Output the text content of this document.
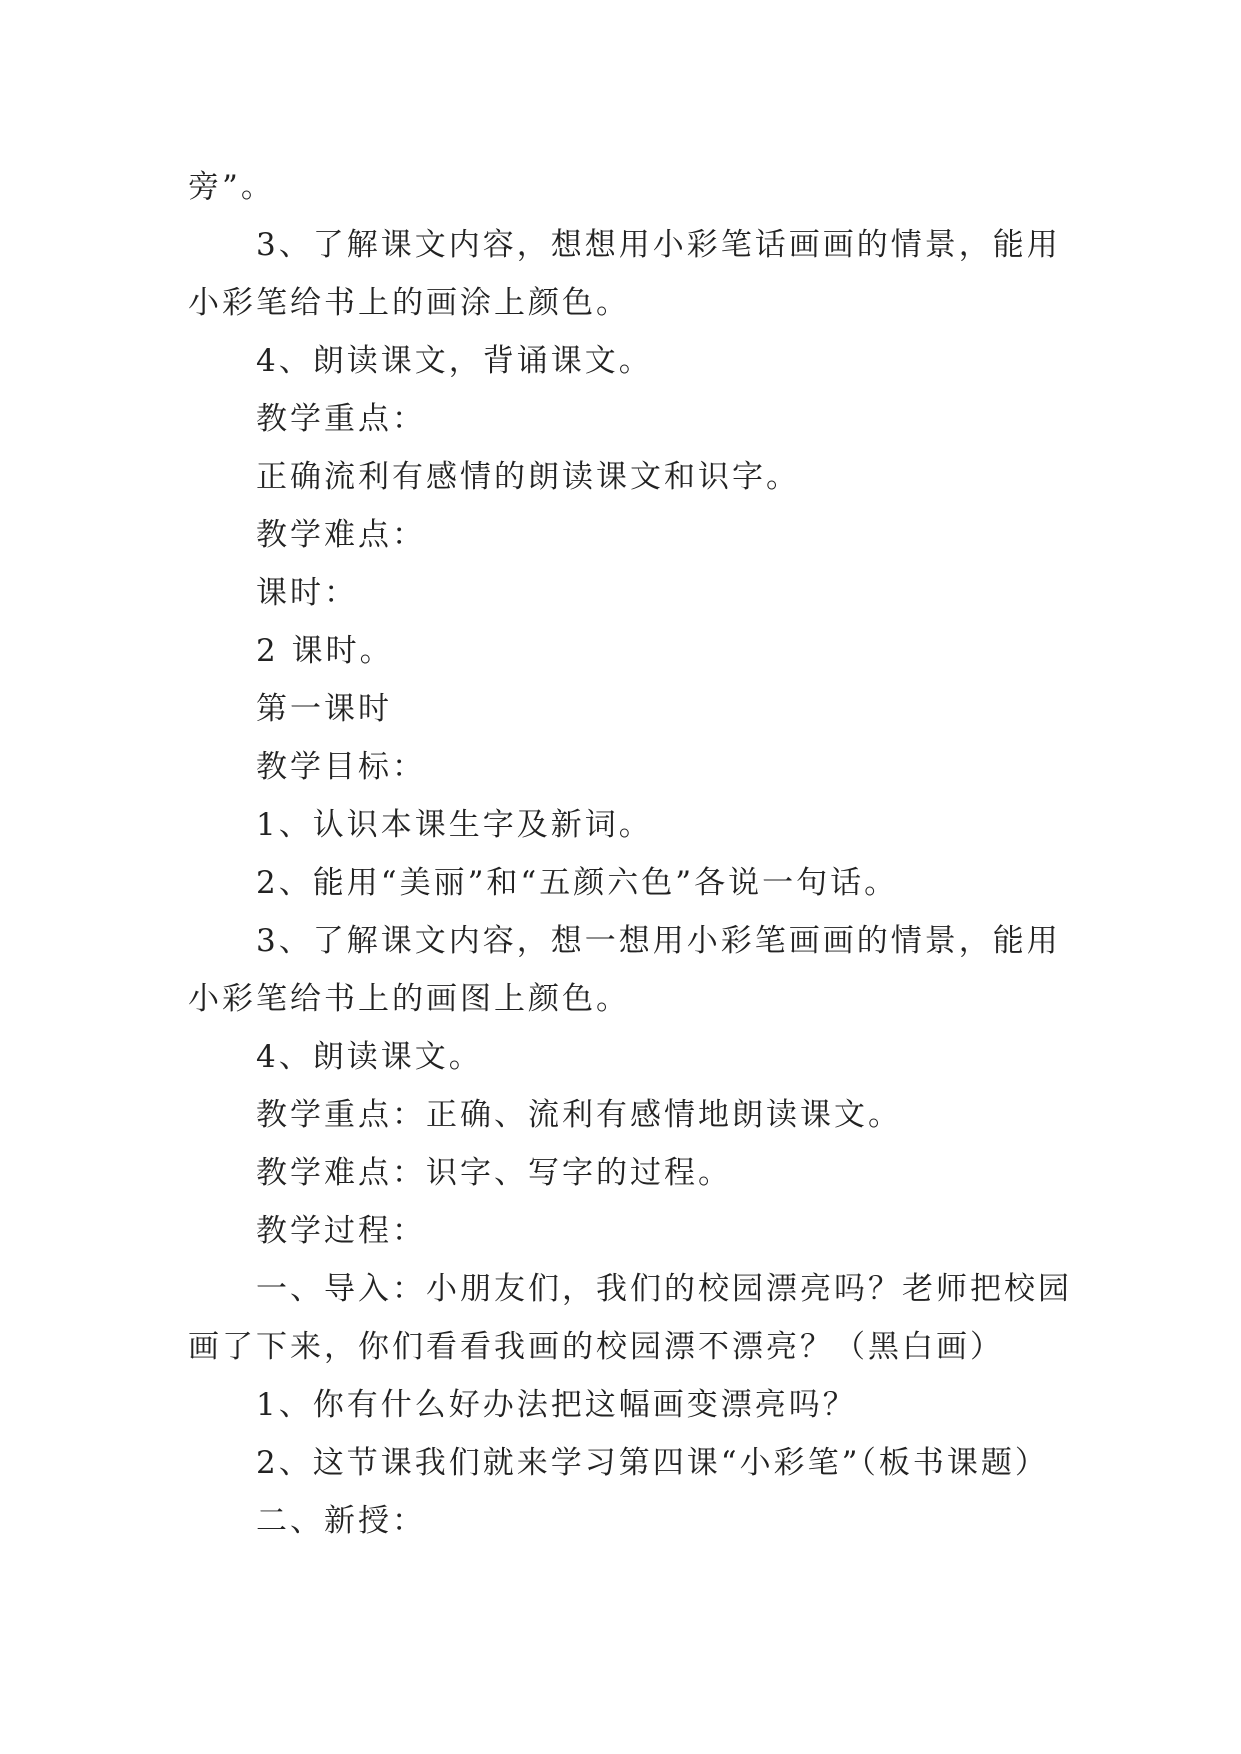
旁”。

3、了解课文内容，想想用小彩笔话画画的情景，能用

小彩笔给书上的画涂上颜色。

4、朗读课文，背诵课文。

教学重点：

正确流利有感情的朗读课文和识字。

教学难点：

课时：

2 课时。

第一课时

教学目标：

1、认识本课生字及新词。

2、能用“美丽”和“五颜六色”各说一句话。

3、了解课文内容，想一想用小彩笔画画的情景，能用

小彩笔给书上的画图上颜色。

4、朗读课文。

教学重点：正确、流利有感情地朗读课文。

教学难点：识字、写字的过程。

教学过程：

一、导入：小朋友们，我们的校园漂亮吗？老师把校园

画了下来，你们看看我画的校园漂不漂亮？（黑白画）

1、你有什么好办法把这幅画变漂亮吗？

2、这节课我们就来学习第四课“小彩笔”（板书课题）

二、新授：
